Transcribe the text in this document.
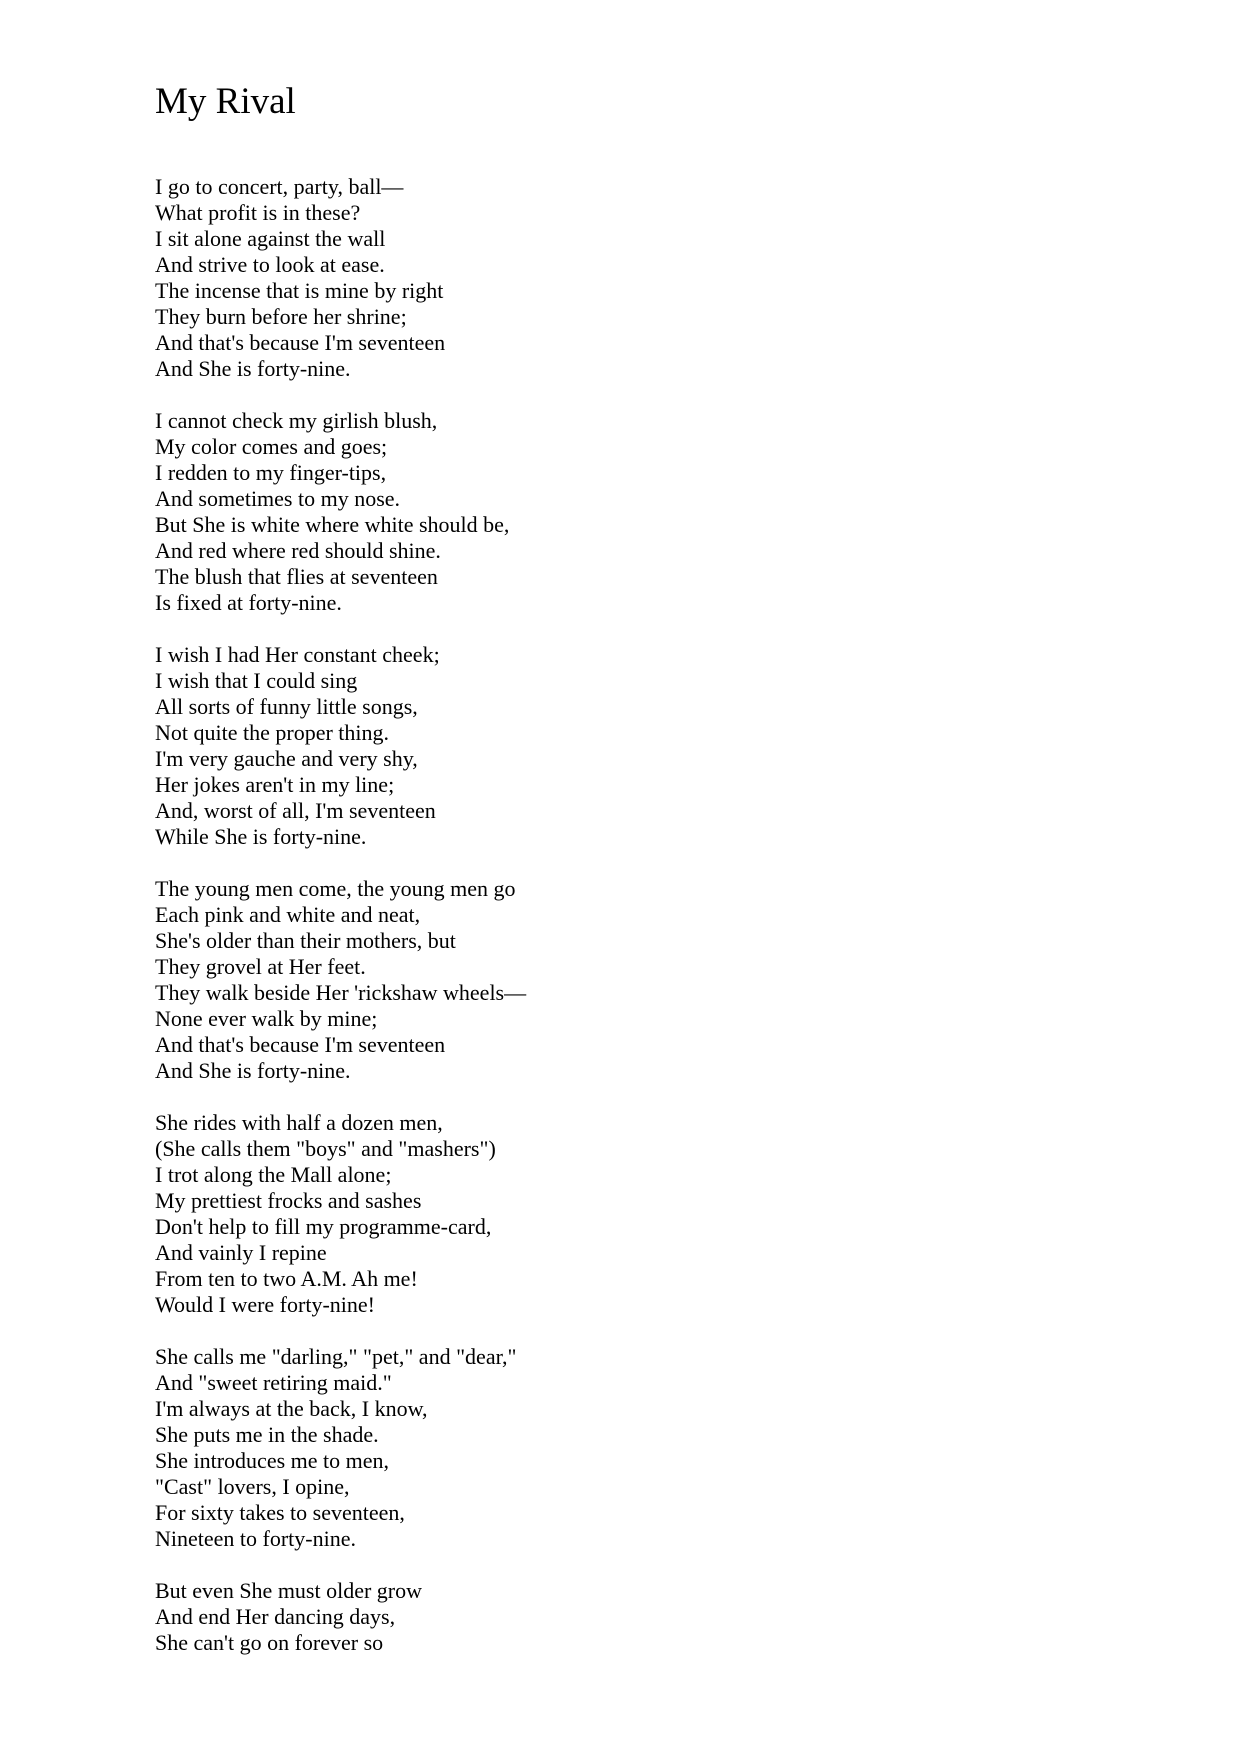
My Rival
I go to concert, party, ball—
What profit is in these?
I sit alone against the wall
And strive to look at ease.
The incense that is mine by right
They burn before her shrine;
And that's because I'm seventeen
And She is forty-nine.
I cannot check my girlish blush,
My color comes and goes;
I redden to my finger-tips,
And sometimes to my nose.
But She is white where white should be,
And red where red should shine.
The blush that flies at seventeen
Is fixed at forty-nine.
I wish I had Her constant cheek;
I wish that I could sing
All sorts of funny little songs,
Not quite the proper thing.
I'm very gauche and very shy,
Her jokes aren't in my line;
And, worst of all, I'm seventeen
While She is forty-nine.
The young men come, the young men go
Each pink and white and neat,
She's older than their mothers, but
They grovel at Her feet.
They walk beside Her 'rickshaw wheels—
None ever walk by mine;
And that's because I'm seventeen
And She is forty-nine.
She rides with half a dozen men,
(She calls them "boys" and "mashers")
I trot along the Mall alone;
My prettiest frocks and sashes
Don't help to fill my programme-card,
And vainly I repine
From ten to two A.M. Ah me!
Would I were forty-nine!
She calls me "darling," "pet," and "dear,"
And "sweet retiring maid."
I'm always at the back, I know,
She puts me in the shade.
She introduces me to men,
"Cast" lovers, I opine,
For sixty takes to seventeen,
Nineteen to forty-nine.
But even She must older grow
And end Her dancing days,
She can't go on forever so
